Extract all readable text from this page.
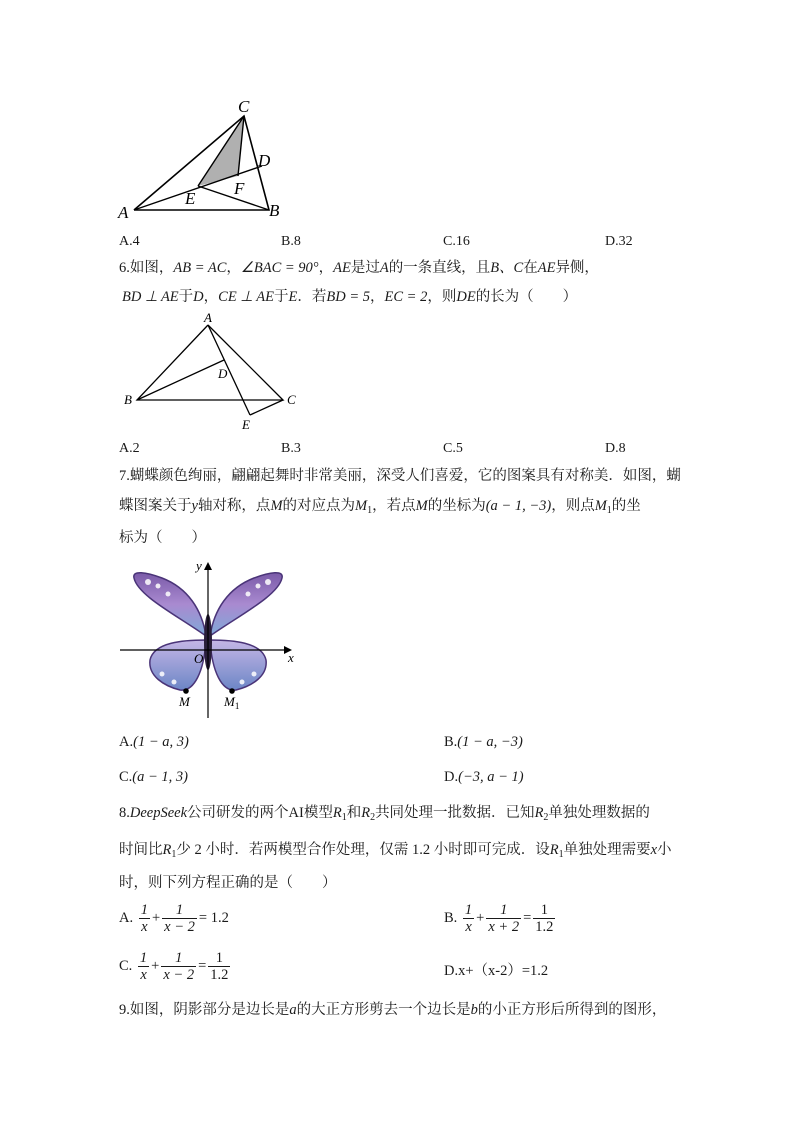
C
D
E
F
A	B
A.4	B.8	C.16	D.32
6.如图，AB = AC，∠BAC = 90°，AE是过A的一条直线，且B、C在AE异侧，
BD ⊥ AE于D，CE ⊥ AE于E．若BD = 5，EC = 2，则DE的长为（　　）
A
B	C
D
E
A.2	B.3	C.5	D.8
7.蝴蝶颜色绚丽，翩翩起舞时非常美丽，深受人们喜爱，它的图案具有对称美．如图，蝴
蝶图案关于y轴对称，点M的对应点为$M_1$，若点M的坐标为(a − 1, −3)，则点$M_1$的坐
标为（　　）
y
x
O
M	$M_1$
A.(1 − a, 3)	B.(1 − a, −3)
C.(a − 1, 3)	D.(−3, a − 1)
8.DeepSeek公司研发的两个AI模型$R_1$和$R_2$共同处理一批数据．已知$R_2$单独处理数据的
时间比$R_1$少 2 小时．若两模型合作处理，仅需 1.2 小时即可完成．设$R_1$单独处理需要x小
时，则下列方程正确的是（　　）
A. $\frac{1}{x} + \frac{1}{x - 2} = 1.2$	B. $\frac{1}{x} + \frac{1}{x + 2} = \frac{1}{1.2}$
C. $\frac{1}{x} + \frac{1}{x - 2} = \frac{1}{1.2}$	D.x+（x-2）=1.2
9.如图，阴影部分是边长是a的大正方形剪去一个边长是b的小正方形后所得到的图形，
